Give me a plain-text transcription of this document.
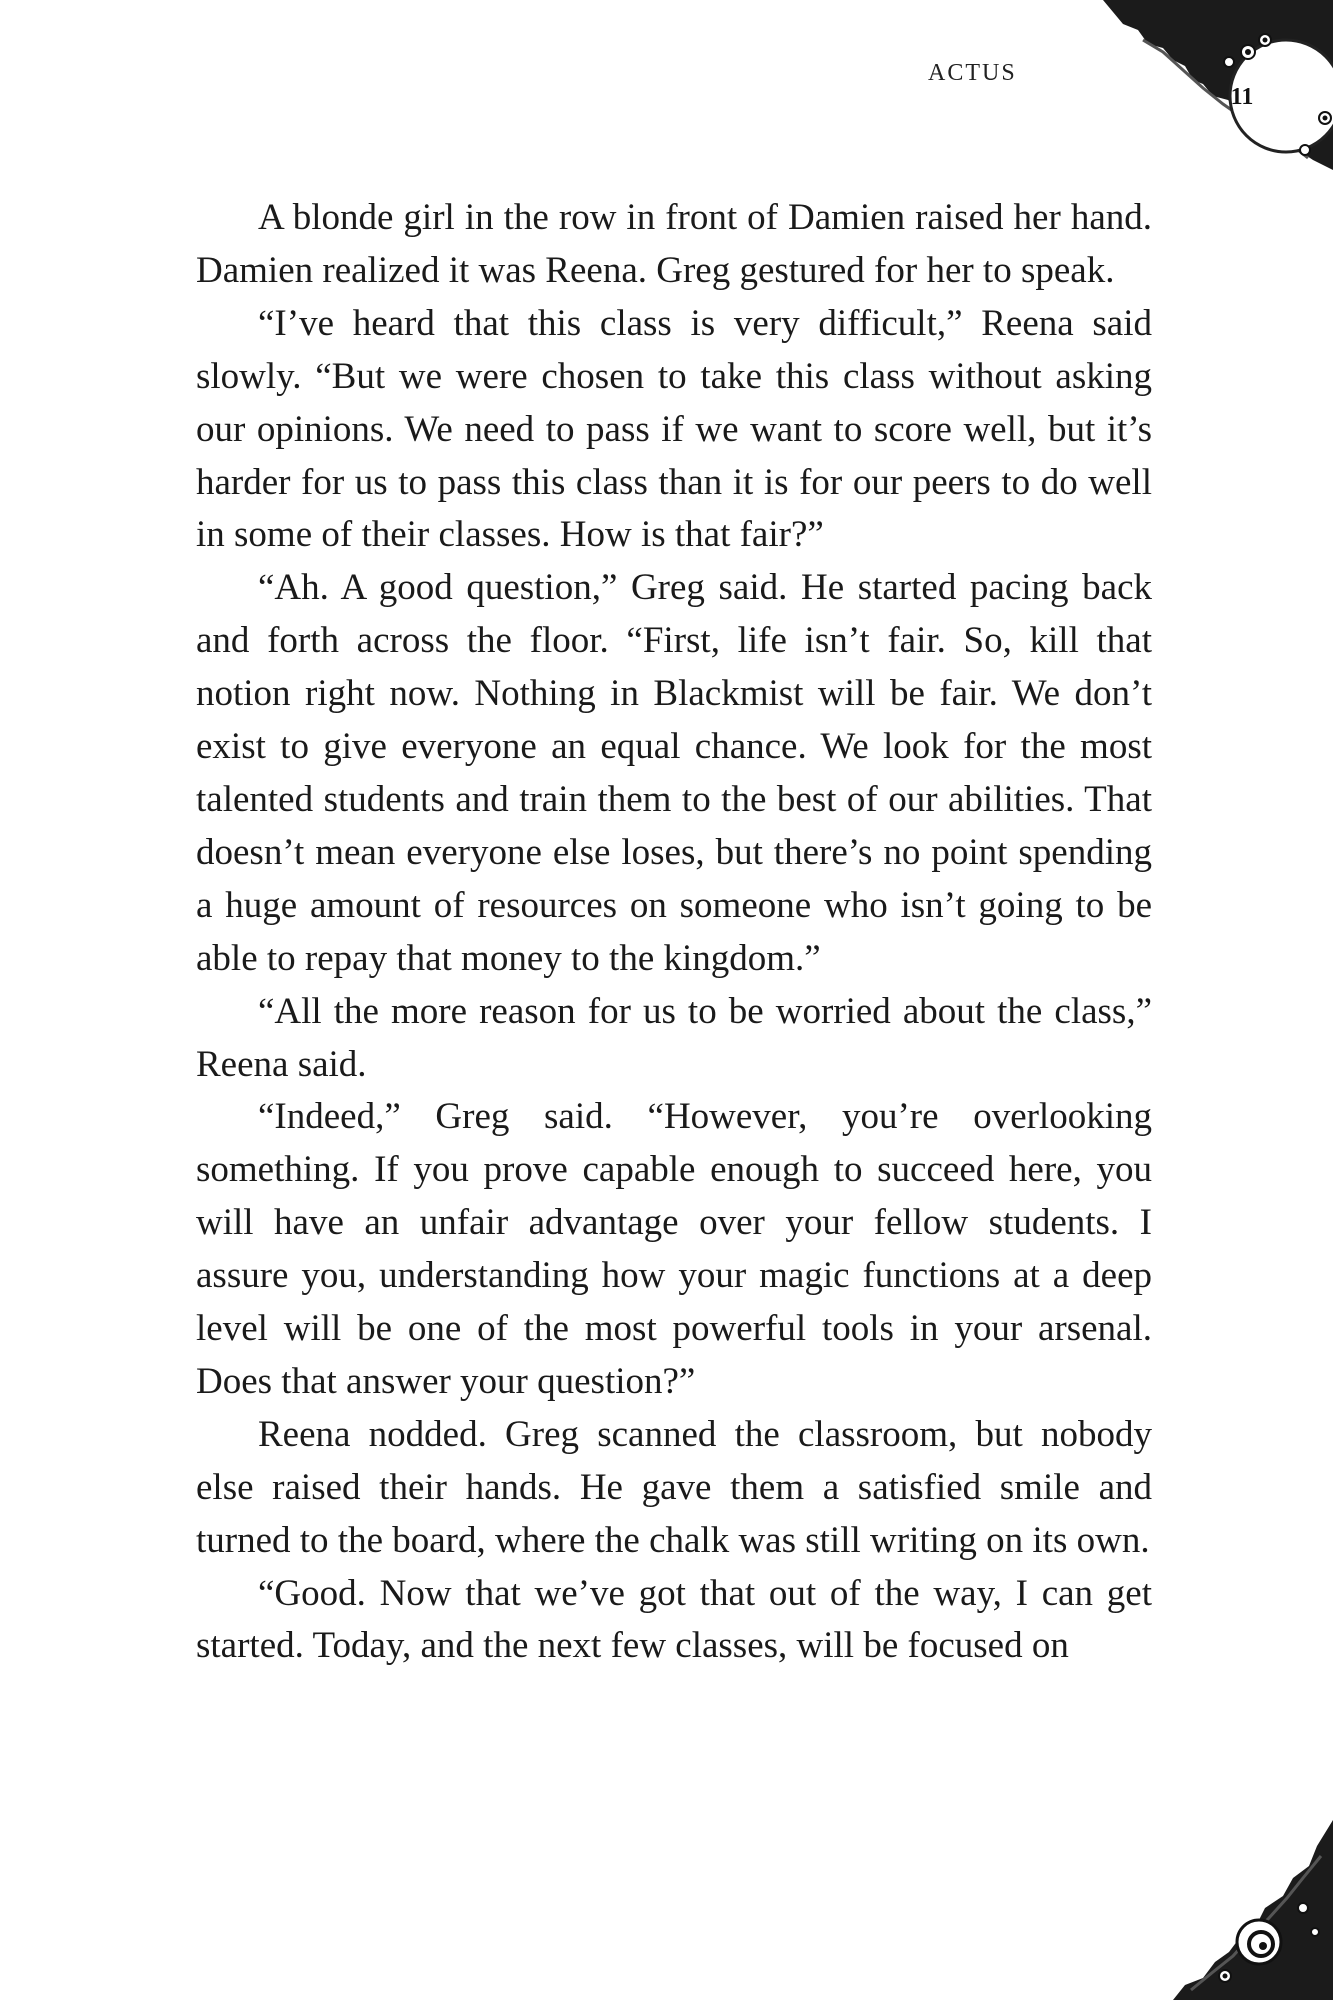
ACTUS
11

A blonde girl in the row in front of Damien raised her hand. Damien realized it was Reena. Greg gestured for her to speak.

“I’ve heard that this class is very difficult,” Reena said slowly. “But we were chosen to take this class without asking our opinions. We need to pass if we want to score well, but it’s harder for us to pass this class than it is for our peers to do well in some of their classes. How is that fair?”

“Ah. A good question,” Greg said. He started pacing back and forth across the floor. “First, life isn’t fair. So, kill that notion right now. Nothing in Blackmist will be fair. We don’t exist to give everyone an equal chance. We look for the most talented students and train them to the best of our abilities. That doesn’t mean everyone else loses, but there’s no point spending a huge amount of resources on someone who isn’t going to be able to repay that money to the kingdom.”

“All the more reason for us to be worried about the class,” Reena said.

“Indeed,” Greg said. “However, you’re overlooking something. If you prove capable enough to succeed here, you will have an unfair advantage over your fellow students. I assure you, understanding how your magic functions at a deep level will be one of the most powerful tools in your arsenal. Does that answer your question?”

Reena nodded. Greg scanned the classroom, but nobody else raised their hands. He gave them a satisfied smile and turned to the board, where the chalk was still writing on its own.

“Good. Now that we’ve got that out of the way, I can get started. Today, and the next few classes, will be focused on
